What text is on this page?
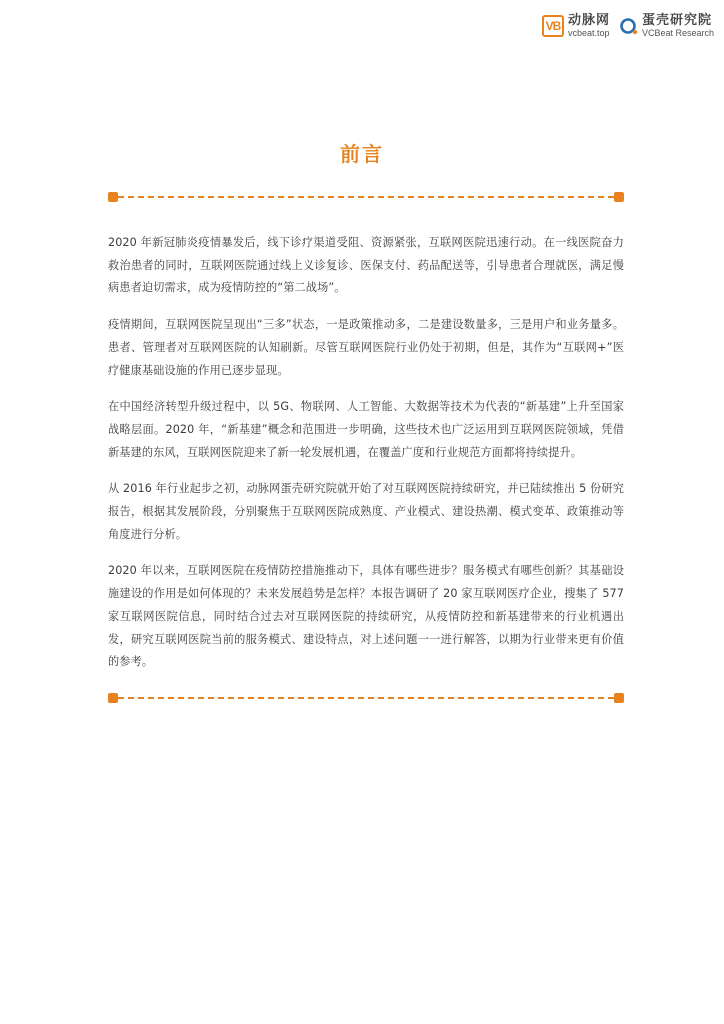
VB 动脉网
vcbeat.top
蛋壳研究院
VCBeat Research
前言

2020 年新冠肺炎疫情暴发后，线下诊疗渠道受阻、资源紧张，互联网医院迅速行动。在一线医院奋力救治患者的同时，互联网医院通过线上义诊复诊、医保支付、药品配送等，引导患者合理就医，满足慢病患者迫切需求，成为疫情防控的“第二战场”。

疫情期间，互联网医院呈现出“三多”状态，一是政策推动多，二是建设数量多，三是用户和业务量多。患者、管理者对互联网医院的认知刷新。尽管互联网医院行业仍处于初期，但是，其作为“互联网+”医疗健康基础设施的作用已逐步显现。

在中国经济转型升级过程中，以 5G、物联网、人工智能、大数据等技术为代表的“新基建”上升至国家战略层面。2020 年，“新基建”概念和范围进一步明确，这些技术也广泛运用到互联网医院领域，凭借新基建的东风，互联网医院迎来了新一轮发展机遇，在覆盖广度和行业规范方面都将持续提升。

从 2016 年行业起步之初，动脉网蛋壳研究院就开始了对互联网医院持续研究，并已陆续推出 5 份研究报告，根据其发展阶段，分别聚焦于互联网医院成熟度、产业模式、建设热潮、模式变革、政策推动等角度进行分析。

2020 年以来，互联网医院在疫情防控措施推动下，具体有哪些进步？服务模式有哪些创新？其基础设施建设的作用是如何体现的？未来发展趋势是怎样？本报告调研了 20 家互联网医疗企业，搜集了 577 家互联网医院信息，同时结合过去对互联网医院的持续研究，从疫情防控和新基建带来的行业机遇出发，研究互联网医院当前的服务模式、建设特点，对上述问题一一进行解答，以期为行业带来更有价值的参考。
